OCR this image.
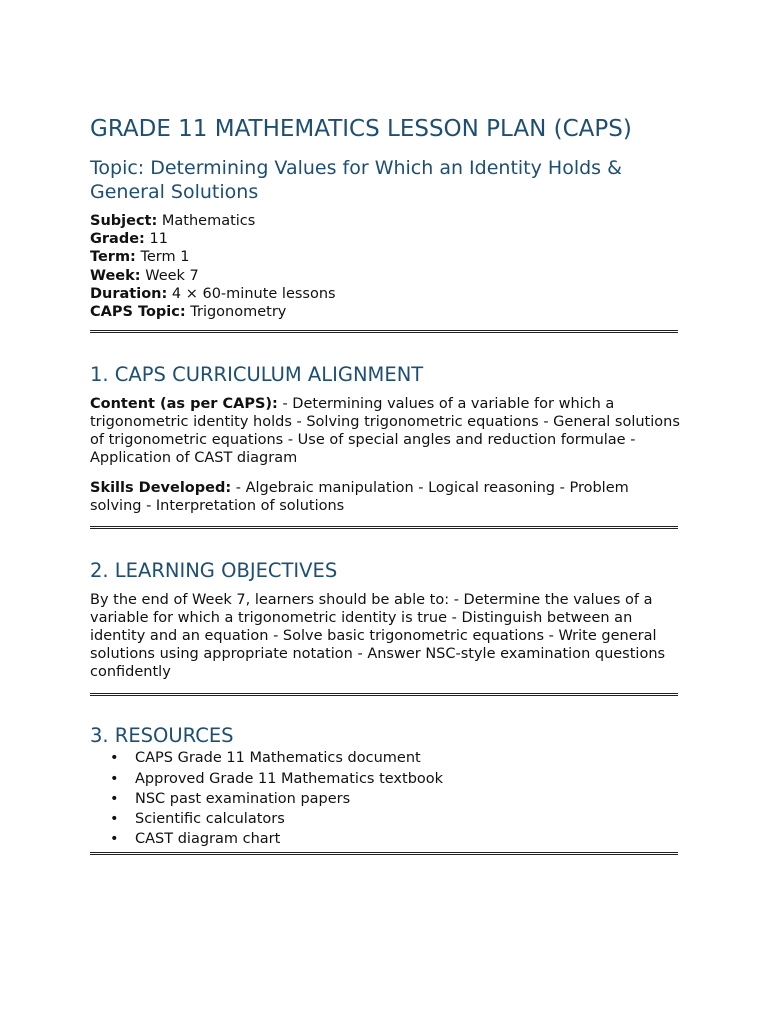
GRADE 11 MATHEMATICS LESSON PLAN (CAPS)
Topic: Determining Values for Which an Identity Holds & General Solutions
Subject: Mathematics
Grade: 11
Term: Term 1
Week: Week 7
Duration: 4 × 60-minute lessons
CAPS Topic: Trigonometry
1. CAPS CURRICULUM ALIGNMENT

Content (as per CAPS): - Determining values of a variable for which a trigonometric identity holds - Solving trigonometric equations - General solutions of trigonometric equations - Use of special angles and reduction formulae - Application of CAST diagram

Skills Developed: - Algebraic manipulation - Logical reasoning - Problem solving - Interpretation of solutions

2. LEARNING OBJECTIVES

By the end of Week 7, learners should be able to: - Determine the values of a variable for which a trigonometric identity is true - Distinguish between an identity and an equation - Solve basic trigonometric equations - Write general solutions using appropriate notation - Answer NSC-style examination questions confidently

3. RESOURCES
• CAPS Grade 11 Mathematics document
• Approved Grade 11 Mathematics textbook
• NSC past examination papers
• Scientific calculators
• CAST diagram chart
